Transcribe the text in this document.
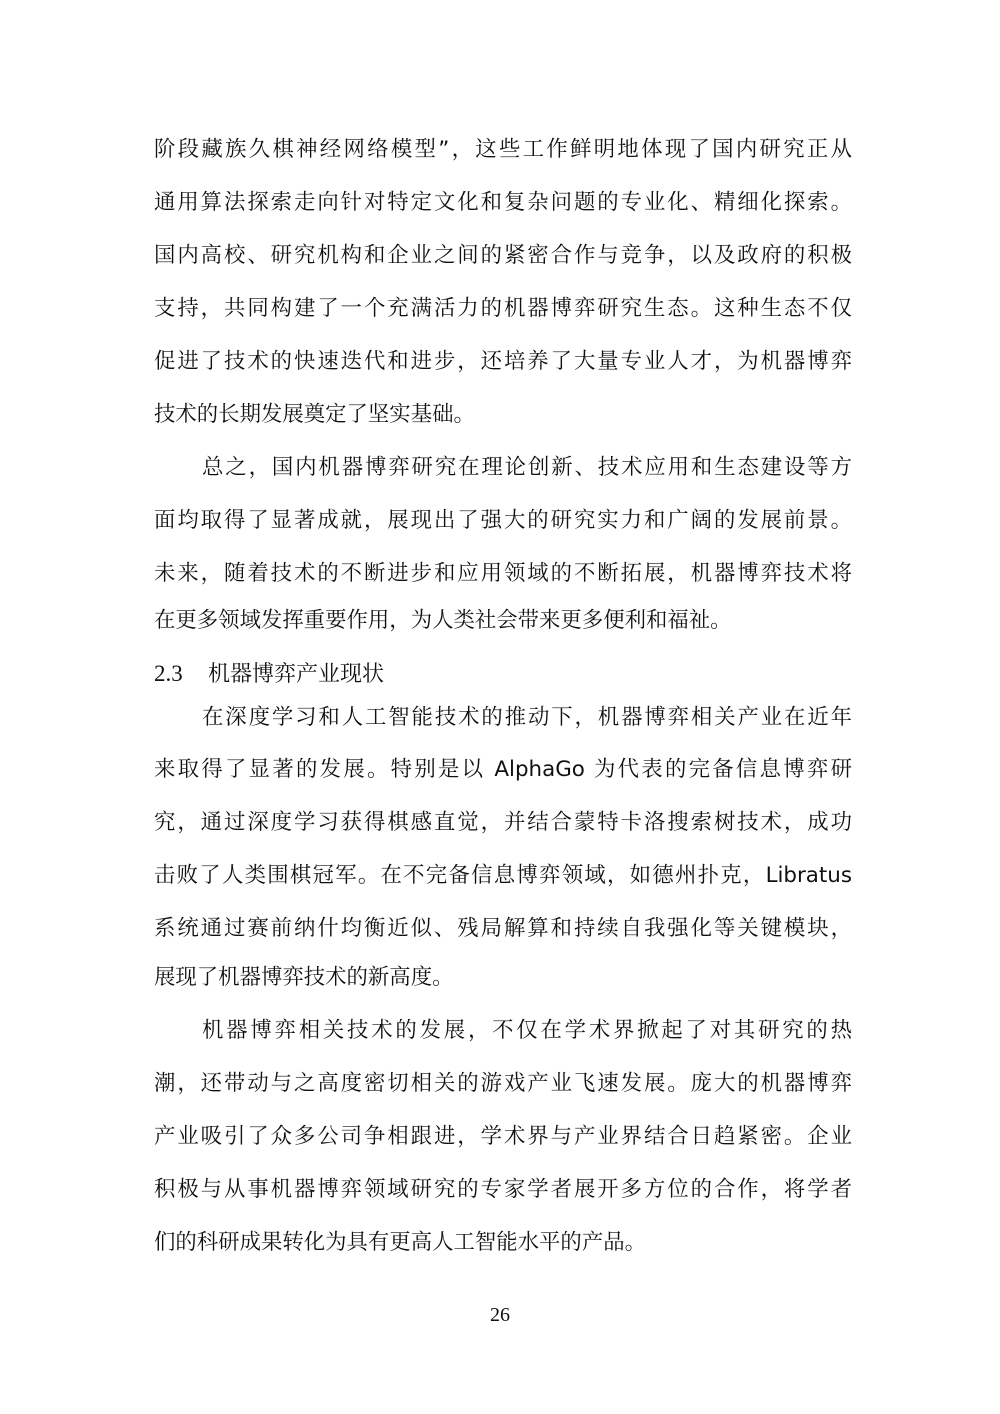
阶段藏族久棋神经网络模型”，这些工作鲜明地体现了国内研究正从
通用算法探索走向针对特定文化和复杂问题的专业化、精细化探索。
国内高校、研究机构和企业之间的紧密合作与竞争，以及政府的积极
支持，共同构建了一个充满活力的机器博弈研究生态。这种生态不仅
促进了技术的快速迭代和进步，还培养了大量专业人才，为机器博弈
技术的长期发展奠定了坚实基础。
总之，国内机器博弈研究在理论创新、技术应用和生态建设等方
面均取得了显著成就，展现出了强大的研究实力和广阔的发展前景。
未来，随着技术的不断进步和应用领域的不断拓展，机器博弈技术将
在更多领域发挥重要作用，为人类社会带来更多便利和福祉。
2.3 机器博弈产业现状
在深度学习和人工智能技术的推动下，机器博弈相关产业在近年
来取得了显著的发展。特别是以 AlphaGo 为代表的完备信息博弈研
究，通过深度学习获得棋感直觉，并结合蒙特卡洛搜索树技术，成功
击败了人类围棋冠军。在不完备信息博弈领域，如德州扑克，Libratus
系统通过赛前纳什均衡近似、残局解算和持续自我强化等关键模块，
展现了机器博弈技术的新高度。
机器博弈相关技术的发展，不仅在学术界掀起了对其研究的热
潮，还带动与之高度密切相关的游戏产业飞速发展。庞大的机器博弈
产业吸引了众多公司争相跟进，学术界与产业界结合日趋紧密。企业
积极与从事机器博弈领域研究的专家学者展开多方位的合作，将学者
们的科研成果转化为具有更高人工智能水平的产品。
26
